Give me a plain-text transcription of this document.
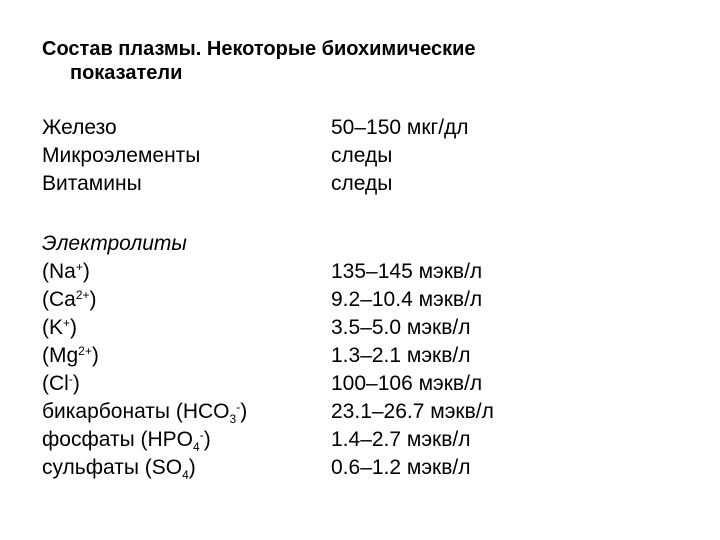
Состав плазмы. Некоторые биохимические
показатели
Железо	50–150 мкг/дл
Микроэлементы	следы
Витамины	следы
Электролиты
(Na+)	135–145 мэкв/л
$(Ca^{2+})$	9.2–10.4 мэкв/л
(K+)	3.5–5.0 мэкв/л
$(Mg^{2+})$	1.3–2.1 мэкв/л
(Cl-)	100–106 мэкв/л
бикарбонаты $(HCO_3^-)$	23.1–26.7 мэкв/л
фосфаты $(HPO_4^-)$	1.4–2.7 мэкв/л
сульфаты $(SO_4)$	0.6–1.2 мэкв/л
